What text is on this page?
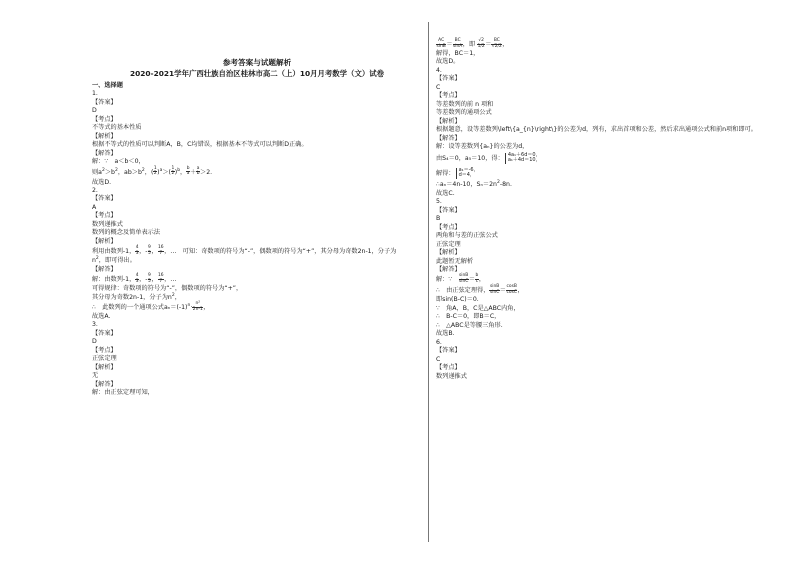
参考答案与试题解析
2020-2021学年广西壮族自治区桂林市高二（上）10月月考数学（文）试卷
一、选择题
1.
【答案】
D
【考点】
不等式的基本性质
【解析】
根据不等式的性质可以判断A，B，C均错误，根据基本不等式可以判断D正确。
【解答】
解：∵　a＜b＜0，
则$a^2>b^2$，$ab>b^2$，( $\frac{1}{2} )^a>( \frac{1}{2} )^b$， $\frac{b}{a} + \frac{a}{b} >2$.
故选D.
2.
【答案】
A
【考点】
数列递推式
数列的概念及简单表示法
【解析】
利用由数列-1， $\frac{4}{3}$ ，- $\frac{9}{5}$ ， $\frac{16}{7}$ ，…　可知：奇数项的符号为“-”，偶数项的符号为“+”，其分母为奇数2n-1，分子为
$n^2$，即可得出。
【解答】
解：由数列-1， $\frac{4}{3}$ ，- $\frac{9}{5}$ ， $\frac{16}{7}$ ，…
可得规律：奇数项的符号为“-”，偶数项的符号为“+”，
其分母为奇数2n-1，分子为$n^2$，
∴　此数列的一个通项公式$a_n=(-1)^n\cdot \frac{\text{n²}}{2n-1}$ ，
故选A.
3.
【答案】
D
【考点】
正弦定理
【解析】
无
【解答】
解：由正弦定理可知，
$\frac{AC}{\sin B} = \frac{BC}{\sin A}$ ，即 $\frac{√2}{1/2} = \frac{BC}{√2/2}$ ，
解得，BC＝1，
故选D。
4.
【答案】
C
【考点】
等差数列的前 n 项和
等差数列的通项公式
【解析】
根据题意，设等差数列\left\{a_{n}\right\}的公差为d，列有，求出首项和公差，然后求出通项公式和前n项和即可。
【解答】
解：设等差数列{aₙ}的公差为d，
由S₄＝0，a₅＝10，得：4a₁＋6d＝0，
a₁＋4d＝10，
解得：a₁＝-6，
d＝4，
∴aₙ＝4n-10，$S_n=2n^2-8n$.
故选C.
5.
【答案】
B
【考点】
两角和与差的正弦公式
正弦定理
【解析】
此题暂无解析
【解答】
解：∵　 $\frac{\sin B}{\sin C} = \frac{b}{c}$ ，
∴　由正弦定理得， $\frac{\sin B}{\sin C} = \frac{\cos B}{\cos C}$ ，
即sin(B-C)＝0.
∵　角A，B，C是△ABC内角，
∴　B-C＝0，即B＝C，
∴　△ABC是等腰三角形.
故选B.
6.
【答案】
C
【考点】
数列递推式
